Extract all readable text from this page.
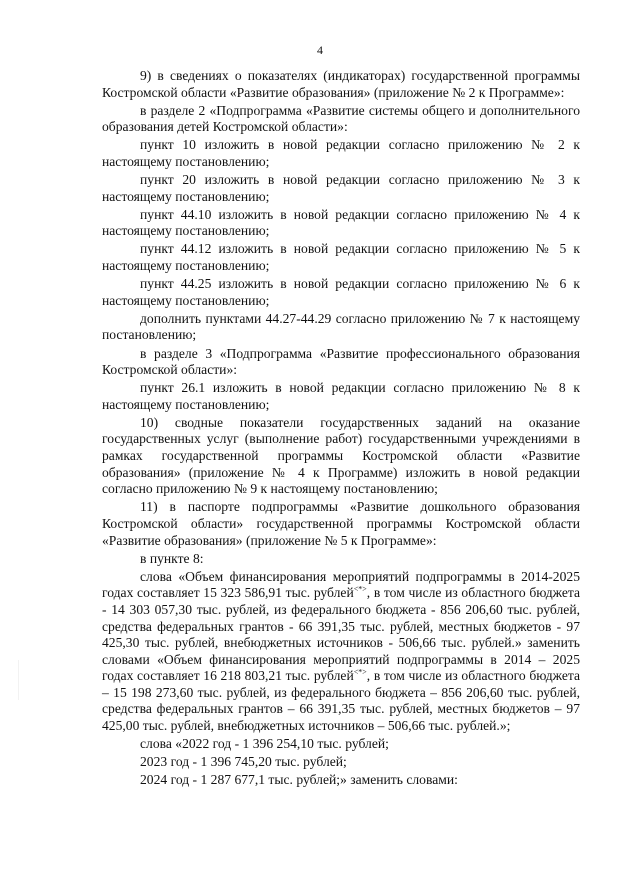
4

9) в сведениях о показателях (индикаторах) государственной программы Костромской области «Развитие образования» (приложение № 2 к Программе»:

в разделе 2 «Подпрограмма «Развитие системы общего и дополнительного образования детей Костромской области»:

пункт 10 изложить в новой редакции согласно приложению № 2 к настоящему постановлению;

пункт 20 изложить в новой редакции согласно приложению № 3 к настоящему постановлению;

пункт 44.10 изложить в новой редакции согласно приложению № 4 к настоящему постановлению;

пункт 44.12 изложить в новой редакции согласно приложению № 5 к настоящему постановлению;

пункт 44.25 изложить в новой редакции согласно приложению № 6 к настоящему постановлению;

дополнить пунктами 44.27-44.29 согласно приложению № 7 к настоящему постановлению;

в разделе 3 «Подпрограмма «Развитие профессионального образования Костромской области»:

пункт 26.1 изложить в новой редакции согласно приложению № 8 к настоящему постановлению;

10) сводные показатели государственных заданий на оказание государственных услуг (выполнение работ) государственными учреждениями в рамках государственной программы Костромской области «Развитие образования» (приложение № 4 к Программе) изложить в новой редакции согласно приложению № 9 к настоящему постановлению;

11) в паспорте подпрограммы «Развитие дошкольного образования Костромской области» государственной программы Костромской области «Развитие образования» (приложение № 5 к Программе»:

в пункте 8:

слова «Объем финансирования мероприятий подпрограммы в 2014-2025 годах составляет 15 323 586,91 тыс. рублей<*>, в том числе из областного бюджета - 14 303 057,30 тыс. рублей, из федерального бюджета - 856 206,60 тыс. рублей, средства федеральных грантов - 66 391,35 тыс. рублей, местных бюджетов - 97 425,30 тыс. рублей, внебюджетных источников - 506,66 тыс. рублей.» заменить словами «Объем финансирования мероприятий подпрограммы в 2014 – 2025 годах составляет 16 218 803,21 тыс. рублей<*>, в том числе из областного бюджета – 15 198 273,60 тыс. рублей, из федерального бюджета – 856 206,60 тыс. рублей, средства федеральных грантов – 66 391,35 тыс. рублей, местных бюджетов – 97 425,00 тыс. рублей, внебюджетных источников – 506,66 тыс. рублей.»;

слова «2022 год - 1 396 254,10 тыс. рублей;

2023 год - 1 396 745,20 тыс. рублей;

2024 год - 1 287 677,1 тыс. рублей;» заменить словами:
